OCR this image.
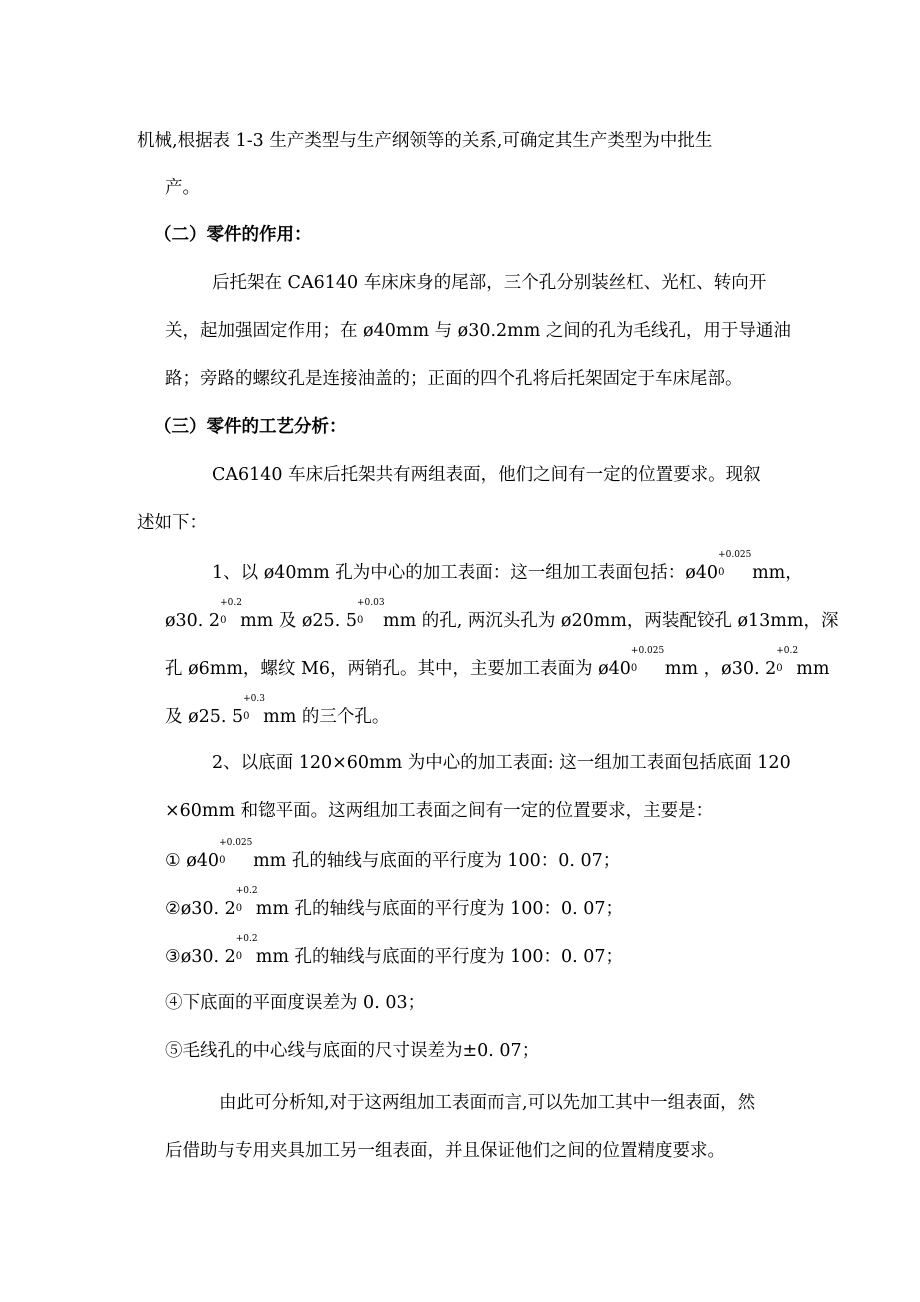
机械,根据表 1-3 生产类型与生产纲领等的关系,可确定其生产类型为中批生
产。
（二）零件的作用：
后托架在 CA6140 车床床身的尾部，三个孔分别装丝杠、光杠、转向开
关，起加强固定作用；在 ø40mm 与 ø30.2mm 之间的孔为毛线孔，用于导通油
路；旁路的螺纹孔是连接油盖的；正面的四个孔将后托架固定于车床尾部。
（三）零件的工艺分析：
CA6140 车床后托架共有两组表面，他们之间有一定的位置要求。现叙
述如下：
1、以 ø40mm 孔为中心的加工表面：这一组加工表面包括：ø40
+0.025
0 mm，
ø30. 2
+0.2
0 mm 及 ø25. 5
+0.03
0 mm 的孔, 两沉头孔为 ø20mm，两装配铰孔 ø13mm，深
孔 ø6mm，螺纹 M6，两销孔。其中，主要加工表面为 ø40
+0.025
0 mm ，ø30. 2
+0.2
0 mm
及 ø25. 5
+0.3
0 mm 的三个孔。
2、以底面 120×60mm 为中心的加工表面: 这一组加工表面包括底面 120
×60mm 和锪平面。这两组加工表面之间有一定的位置要求，主要是：
① ø40
+0.025
0 mm 孔的轴线与底面的平行度为 100：0. 07；
②ø30. 2
+0.2
0 mm 孔的轴线与底面的平行度为 100：0. 07；
③ø30. 2
+0.2
0 mm 孔的轴线与底面的平行度为 100：0. 07；
④下底面的平面度误差为 0. 03；
⑤毛线孔的中心线与底面的尺寸误差为±0. 07；
由此可分析知,对于这两组加工表面而言,可以先加工其中一组表面，然
后借助与专用夹具加工另一组表面，并且保证他们之间的位置精度要求。
